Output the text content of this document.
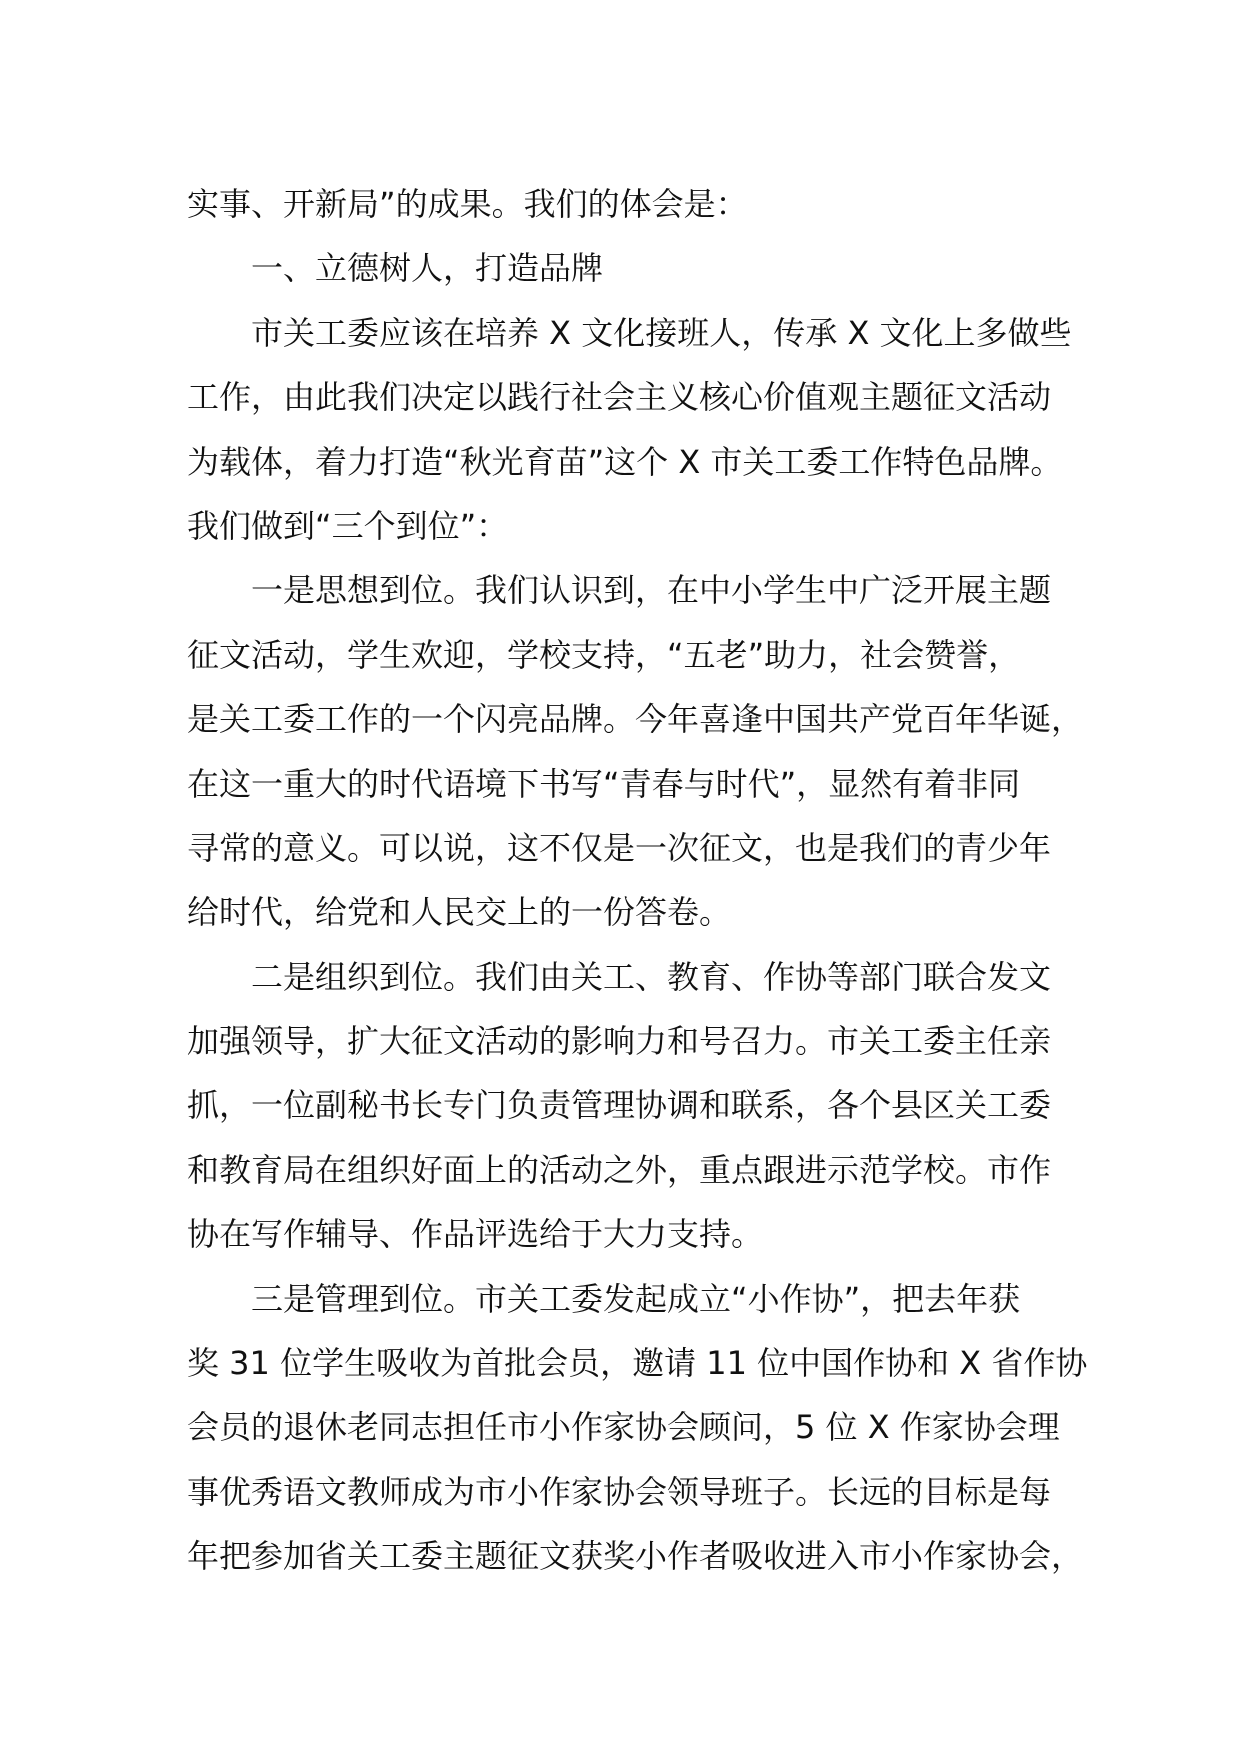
实事、开新局”的成果。我们的体会是：
一、立德树人，打造品牌
市关工委应该在培养 X 文化接班人，传承 X 文化上多做些
工作，由此我们决定以践行社会主义核心价值观主题征文活动
为载体，着力打造“秋光育苗”这个 X 市关工委工作特色品牌。
我们做到“三个到位”：
一是思想到位。我们认识到，在中小学生中广泛开展主题
征文活动，学生欢迎，学校支持，“五老”助力，社会赞誉，
是关工委工作的一个闪亮品牌。今年喜逢中国共产党百年华诞，
在这一重大的时代语境下书写“青春与时代”，显然有着非同
寻常的意义。可以说，这不仅是一次征文，也是我们的青少年
给时代，给党和人民交上的一份答卷。
二是组织到位。我们由关工、教育、作协等部门联合发文
加强领导，扩大征文活动的影响力和号召力。市关工委主任亲
抓，一位副秘书长专门负责管理协调和联系，各个县区关工委
和教育局在组织好面上的活动之外，重点跟进示范学校。市作
协在写作辅导、作品评选给于大力支持。
三是管理到位。市关工委发起成立“小作协”，把去年获
奖 31 位学生吸收为首批会员，邀请 11 位中国作协和 X 省作协
会员的退休老同志担任市小作家协会顾问，5 位 X 作家协会理
事优秀语文教师成为市小作家协会领导班子。长远的目标是每
年把参加省关工委主题征文获奖小作者吸收进入市小作家协会，
